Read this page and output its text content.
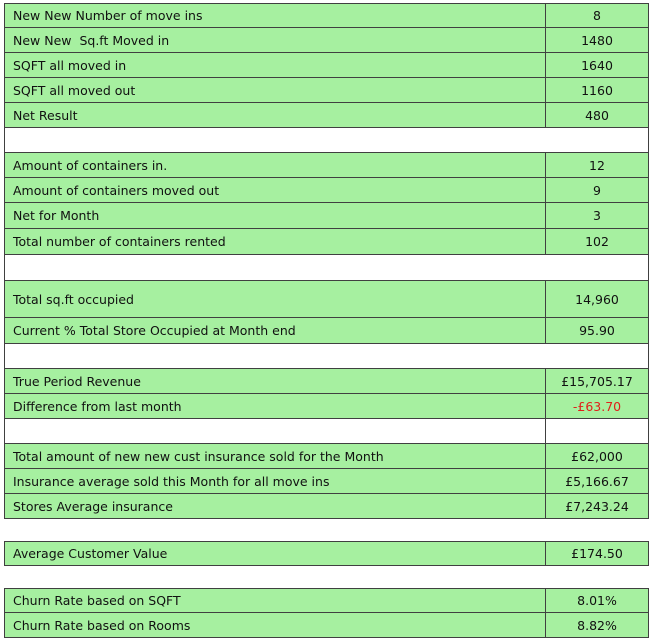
New New Number of move ins	8
New New  Sq.ft Moved in	1480
SQFT all moved in	1640
SQFT all moved out	1160
Net Result	480
Amount of containers in.	12
Amount of containers moved out	9
Net for Month	3
Total number of containers rented	102
Total sq.ft occupied	14,960
Current % Total Store Occupied at Month end	95.90
True Period Revenue	£15,705.17
Difference from last month	-£63.70
Total amount of new new cust insurance sold for the Month	£62,000
Insurance average sold this Month for all move ins	£5,166.67
Stores Average insurance	£7,243.24
Average Customer Value	£174.50
Churn Rate based on SQFT	8.01%
Churn Rate based on Rooms	8.82%
